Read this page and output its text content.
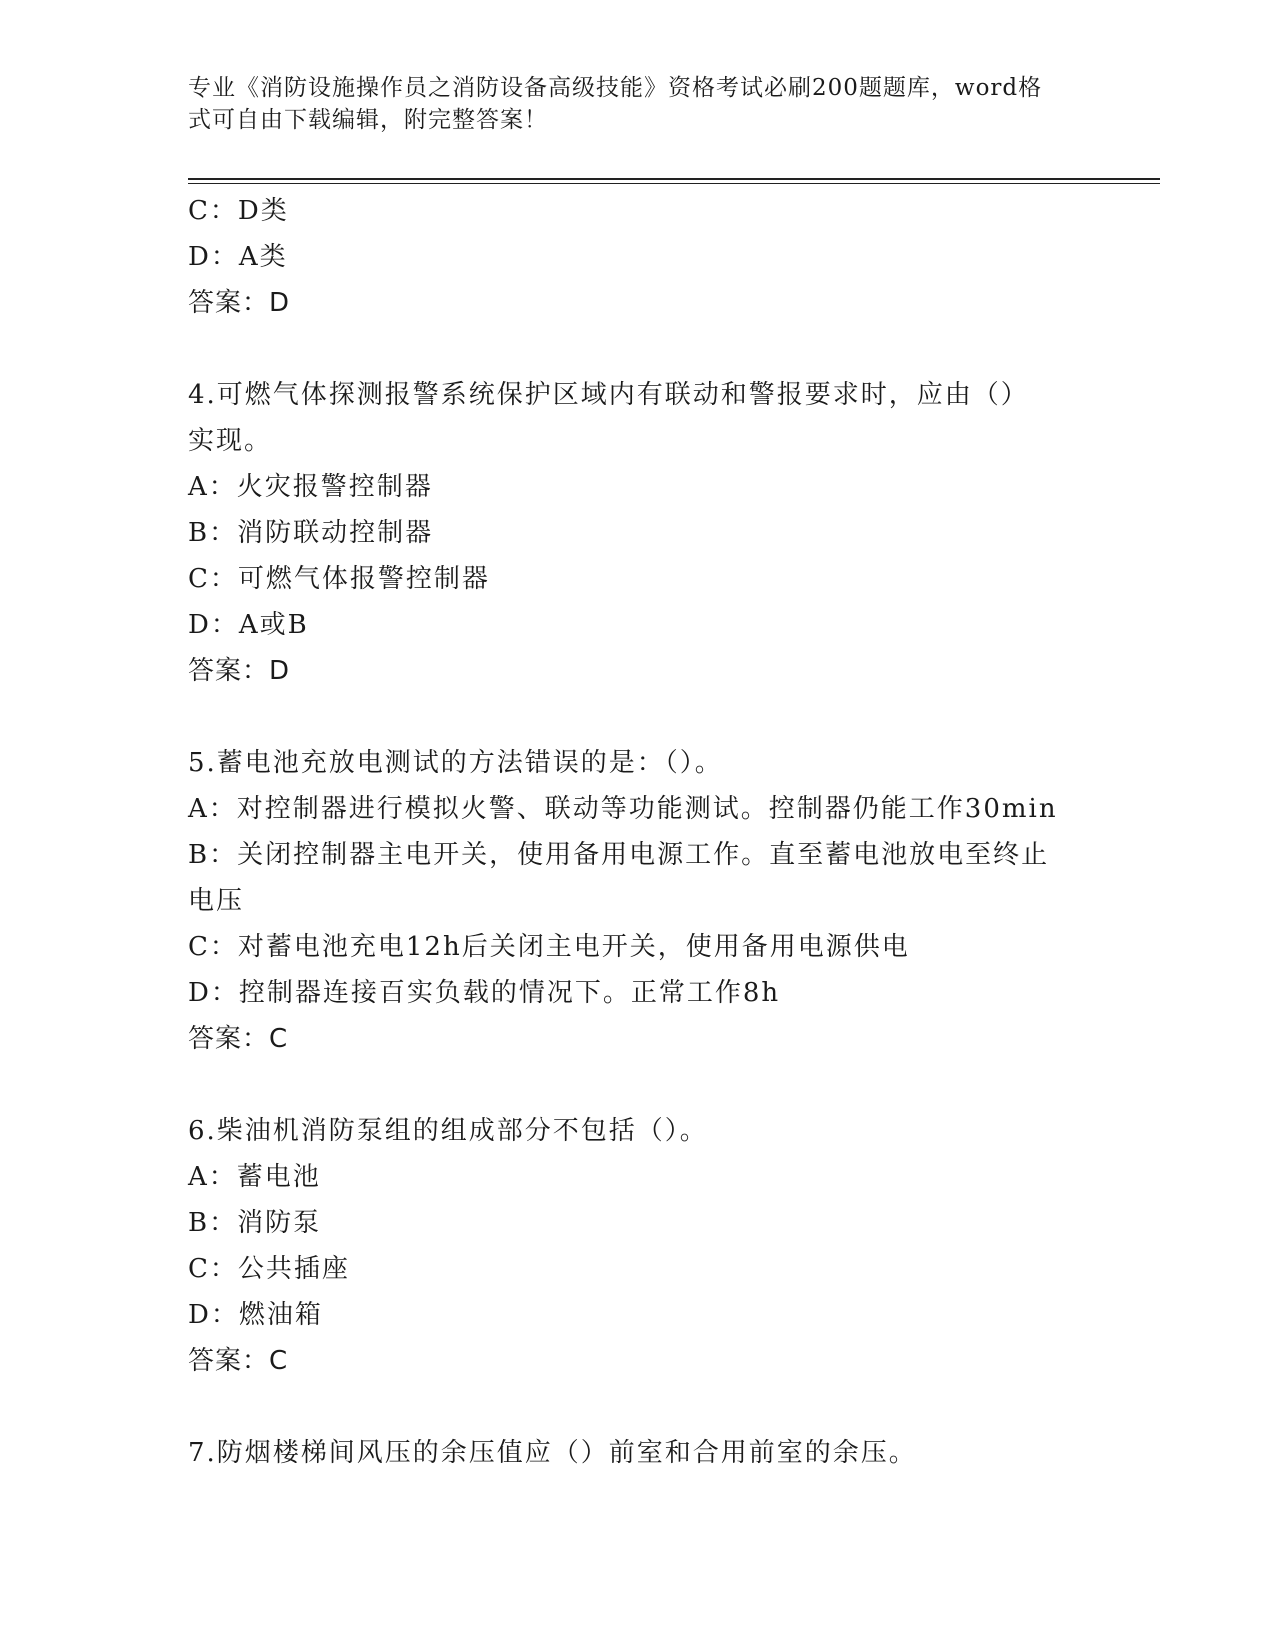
专业《消防设施操作员之消防设备高级技能》资格考试必刷200题题库，word格
式可自由下载编辑，附完整答案！
C：D类
D：A类
答案：D
4.可燃气体探测报警系统保护区域内有联动和警报要求时，应由（）
实现。
A：火灾报警控制器
B：消防联动控制器
C：可燃气体报警控制器
D：A或B
答案：D
5.蓄电池充放电测试的方法错误的是：（）。
A：对控制器进行模拟火警、联动等功能测试。控制器仍能工作30min
B：关闭控制器主电开关，使用备用电源工作。直至蓄电池放电至终止
电压
C：对蓄电池充电12h后关闭主电开关，使用备用电源供电
D：控制器连接百实负载的情况下。正常工作8h
答案：C
6.柴油机消防泵组的组成部分不包括（）。
A：蓄电池
B：消防泵
C：公共插座
D：燃油箱
答案：C
7.防烟楼梯间风压的余压值应（）前室和合用前室的余压。
